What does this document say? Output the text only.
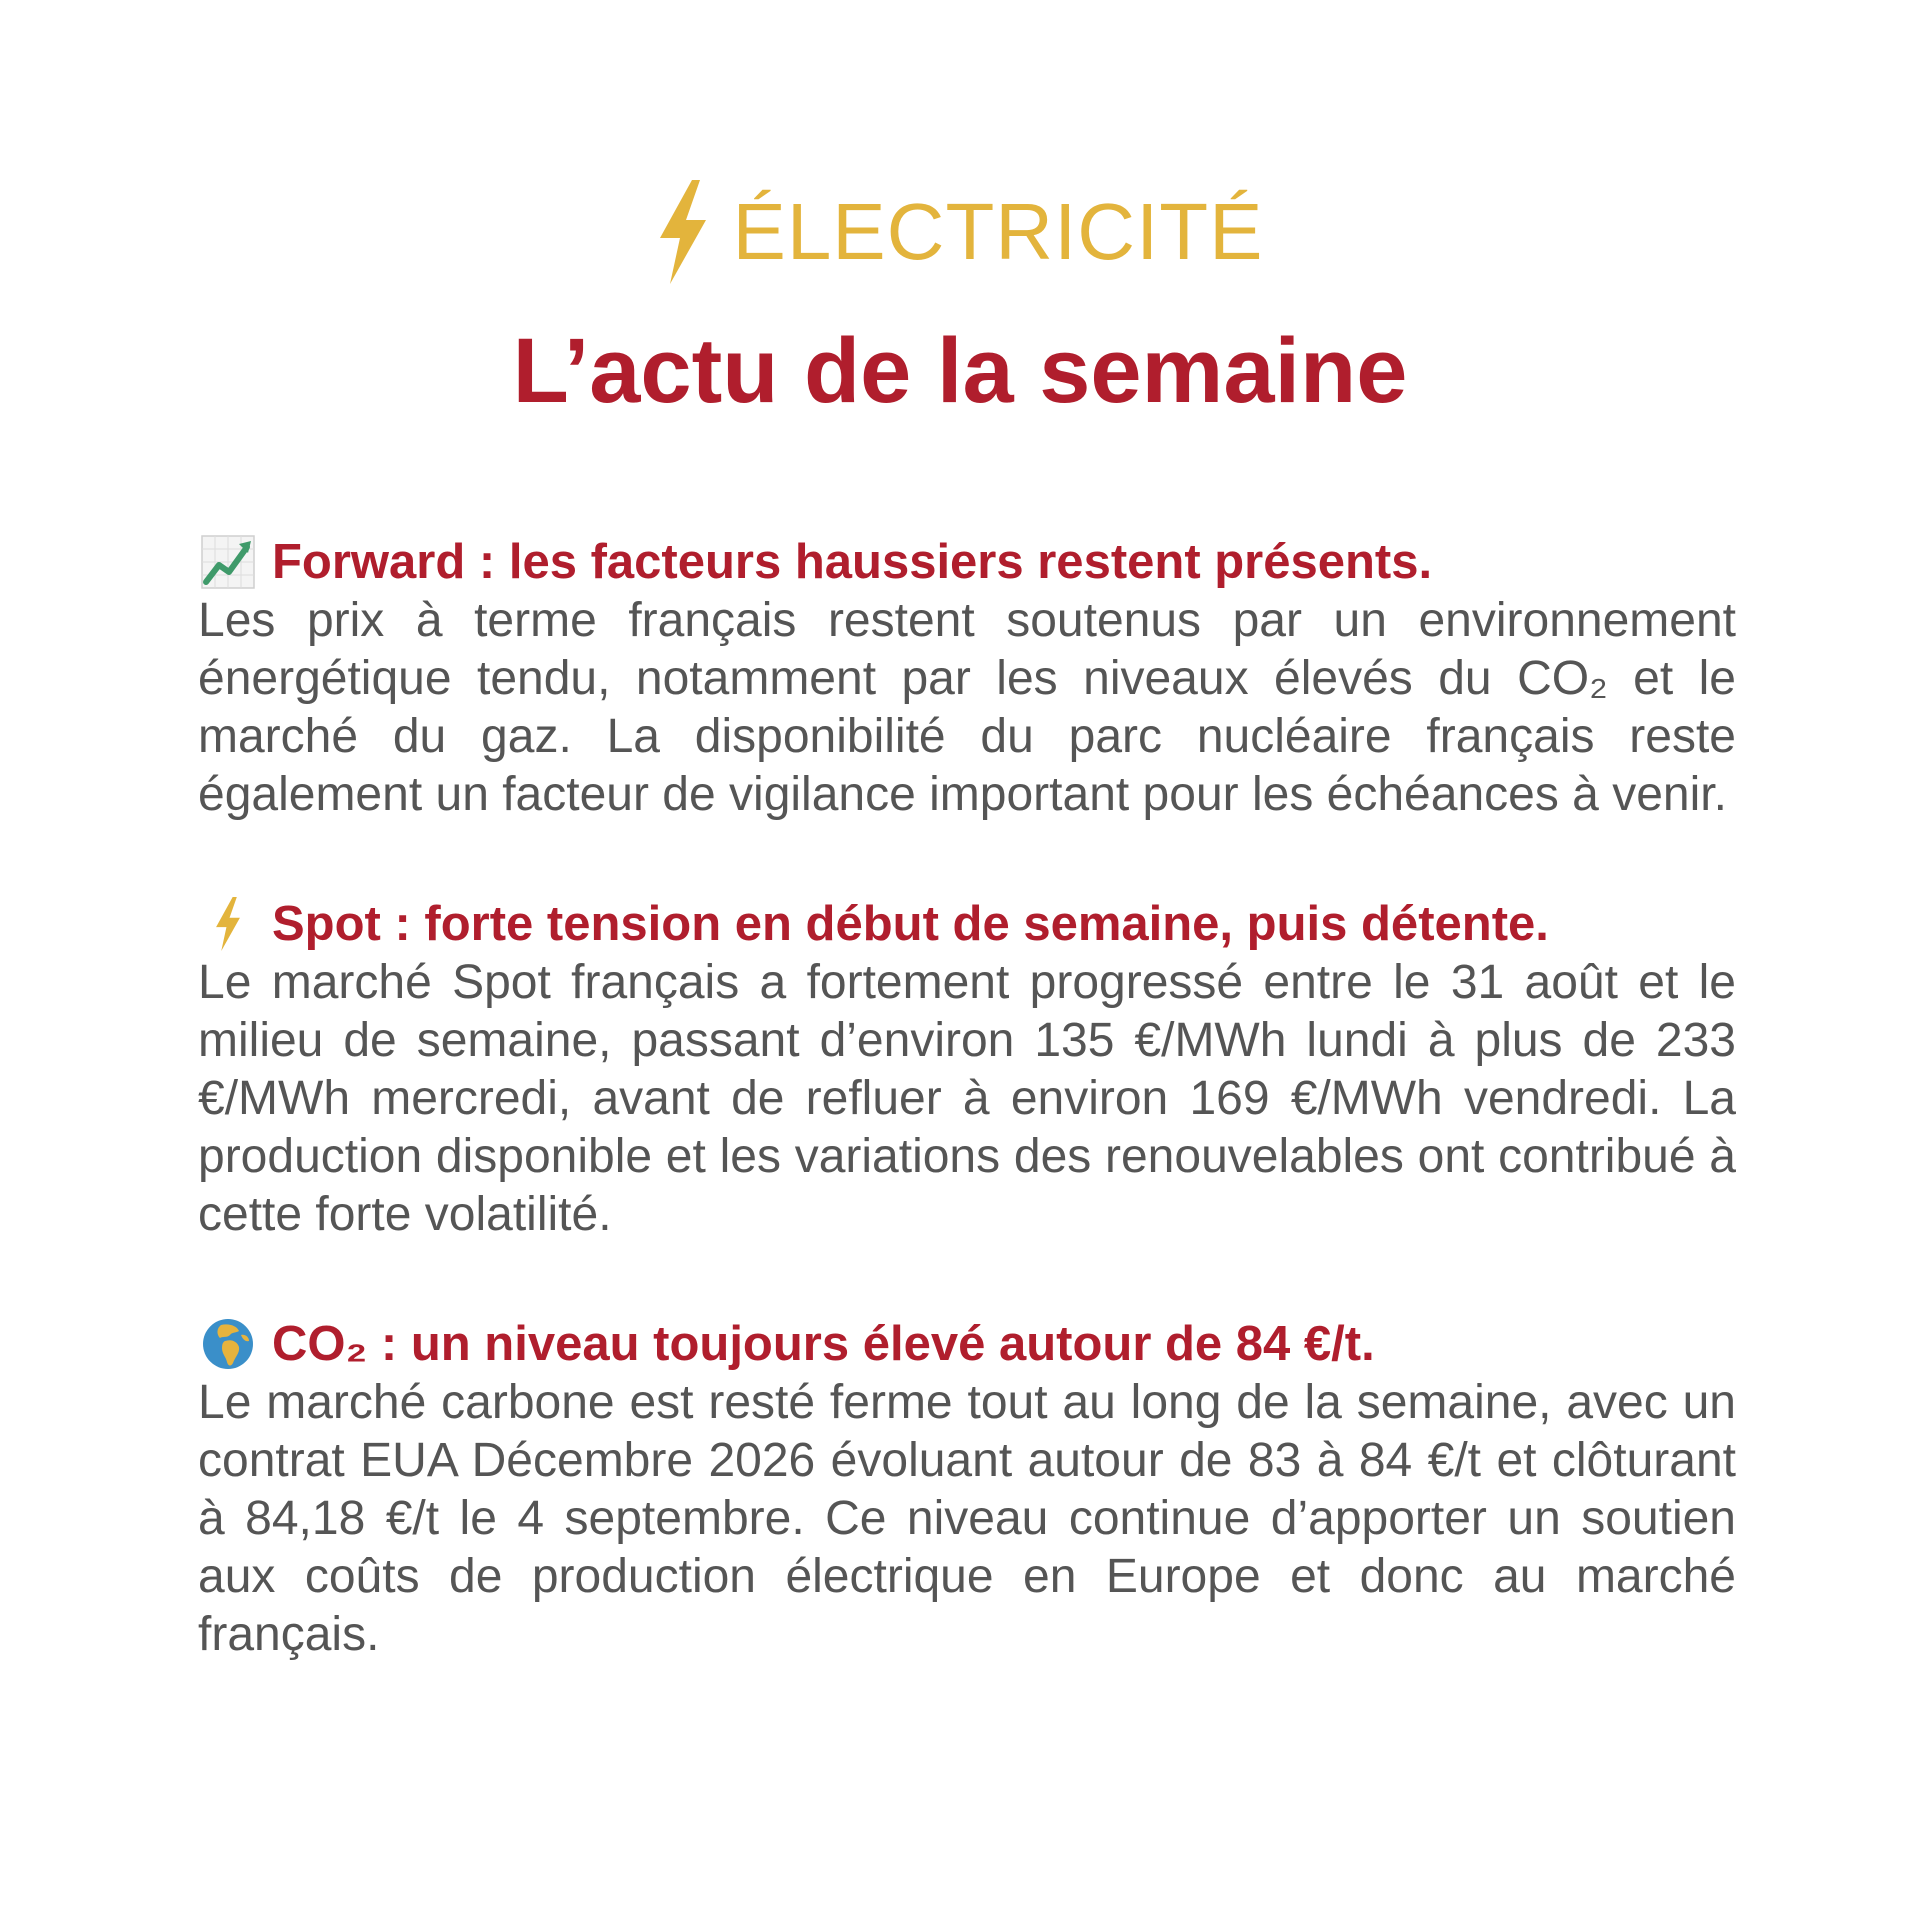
ÉLECTRICITÉ
L’actu de la semaine
Forward : les facteurs haussiers restent présents.

Les prix à terme français restent soutenus par un environnement énergétique tendu, notamment par les niveaux élevés du CO₂ et le marché du gaz. La disponibilité du parc nucléaire français reste également un facteur de vigilance important pour les échéances à venir.

Spot : forte tension en début de semaine, puis détente.

Le marché Spot français a fortement progressé entre le 31 août et le milieu de semaine, passant d’environ 135 €/MWh lundi à plus de 233 €/MWh mercredi, avant de refluer à environ 169 €/MWh vendredi. La production disponible et les variations des renouvelables ont contribué à cette forte volatilité.

CO₂ : un niveau toujours élevé autour de 84 €/t.

Le marché carbone est resté ferme tout au long de la semaine, avec un contrat EUA Décembre 2026 évoluant autour de 83 à 84 €/t et clôturant à 84,18 €/t le 4 septembre. Ce niveau continue d’apporter un soutien aux coûts de production électrique en Europe et donc au marché français.
